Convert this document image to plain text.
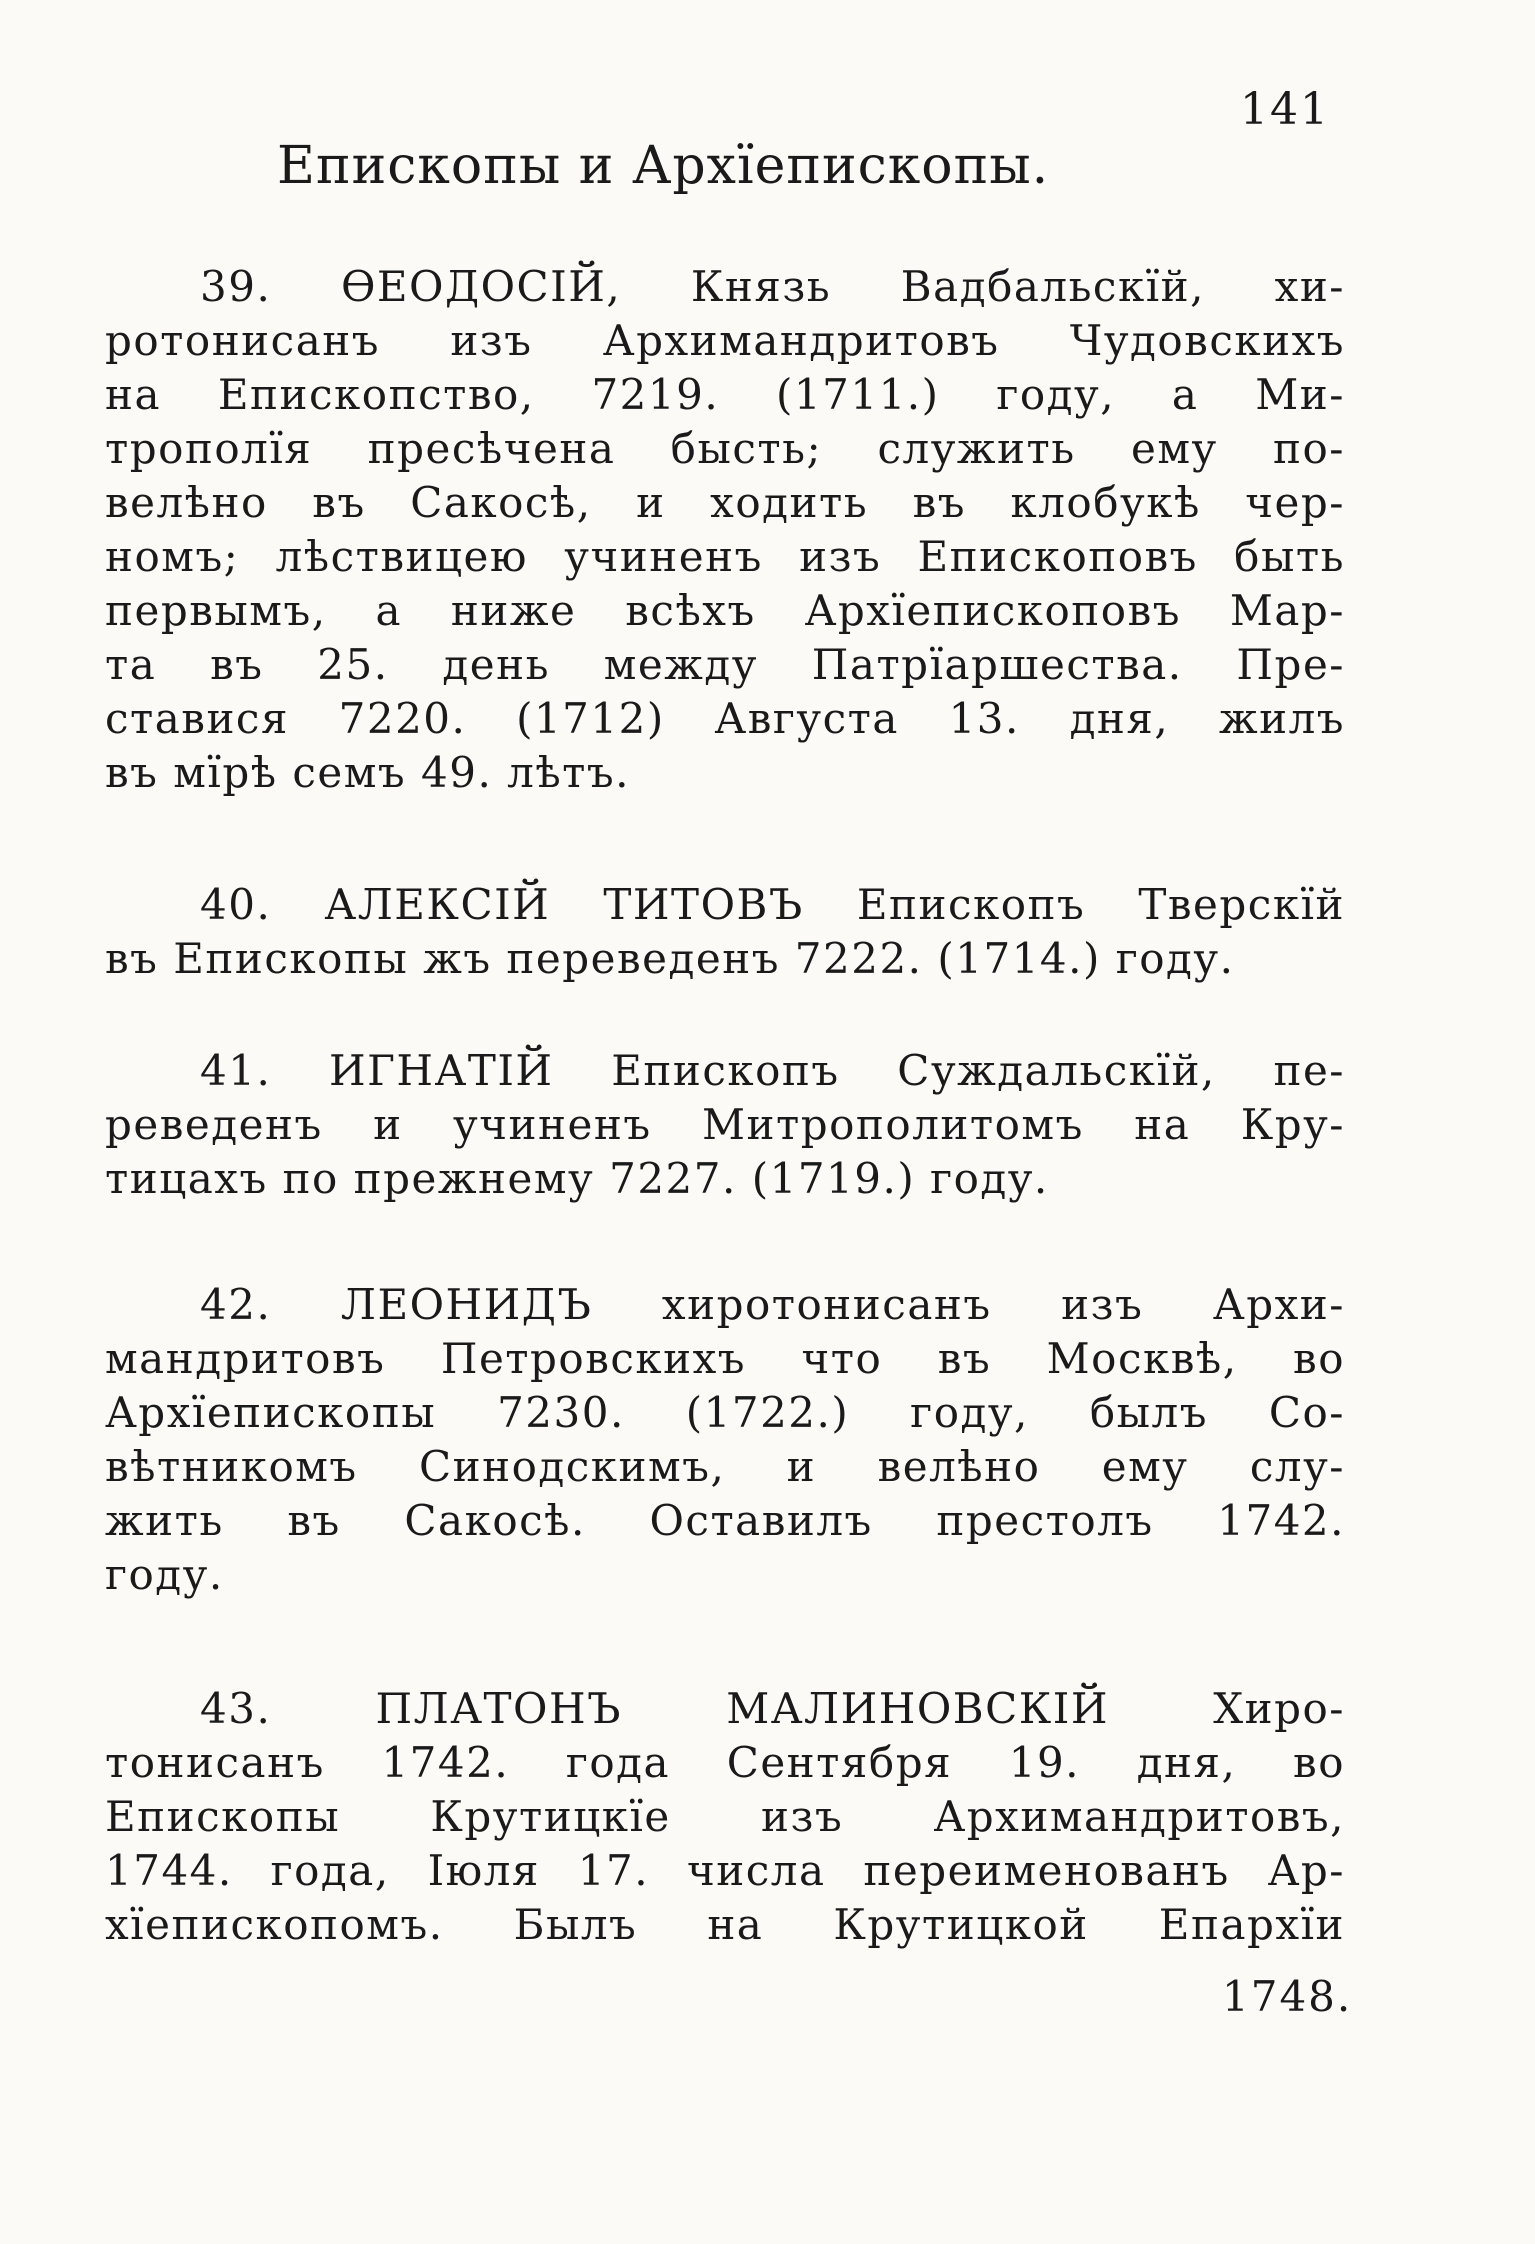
141
Епископы и Архїепископы.
39. ѲЕОДОСІЙ, Князь Вадбальскїй, хи-
ротонисанъ изъ Архимандритовъ Чудовскихъ
на Епископство, 7219. (1711.) году, а Ми-
трополїя пресѣчена бысть; служить ему по-
велѣно въ Сакосѣ, и ходить въ клобукѣ чер-
номъ; лѣствицею учиненъ изъ Епископовъ быть
первымъ, а ниже всѣхъ Архїепископовъ Мар-
та въ 25. день между Патрїаршества. Пре-
ставися 7220. (1712) Августа 13. дня, жилъ
въ мїрѣ семъ 49. лѣтъ.
40. АЛЕКСІЙ ТИТОВЪ Епископъ Тверскїй
въ Епископы жъ переведенъ 7222. (1714.) году.
41. ИГНАТІЙ Епископъ Суждальскїй, пе-
реведенъ и учиненъ Митрополитомъ на Кру-
тицахъ по прежнему 7227. (1719.) году.
42. ЛЕОНИДЪ хиротонисанъ изъ Архи-
мандритовъ Петровскихъ что въ Москвѣ, во
Архїепископы 7230. (1722.) году, былъ Со-
вѣтникомъ Синодскимъ, и велѣно ему слу-
жить въ Сакосѣ. Оставилъ престолъ 1742.
году.
43. ПЛАТОНЪ МАЛИНОВСКІЙ Хиро-
тонисанъ 1742. года Сентября 19. дня, во
Епископы Крутицкїе изъ Архимандритовъ,
1744. года, Іюля 17. числа переименованъ Ар-
хїепископомъ. Былъ на Крутицкой Епархїи
1748.
